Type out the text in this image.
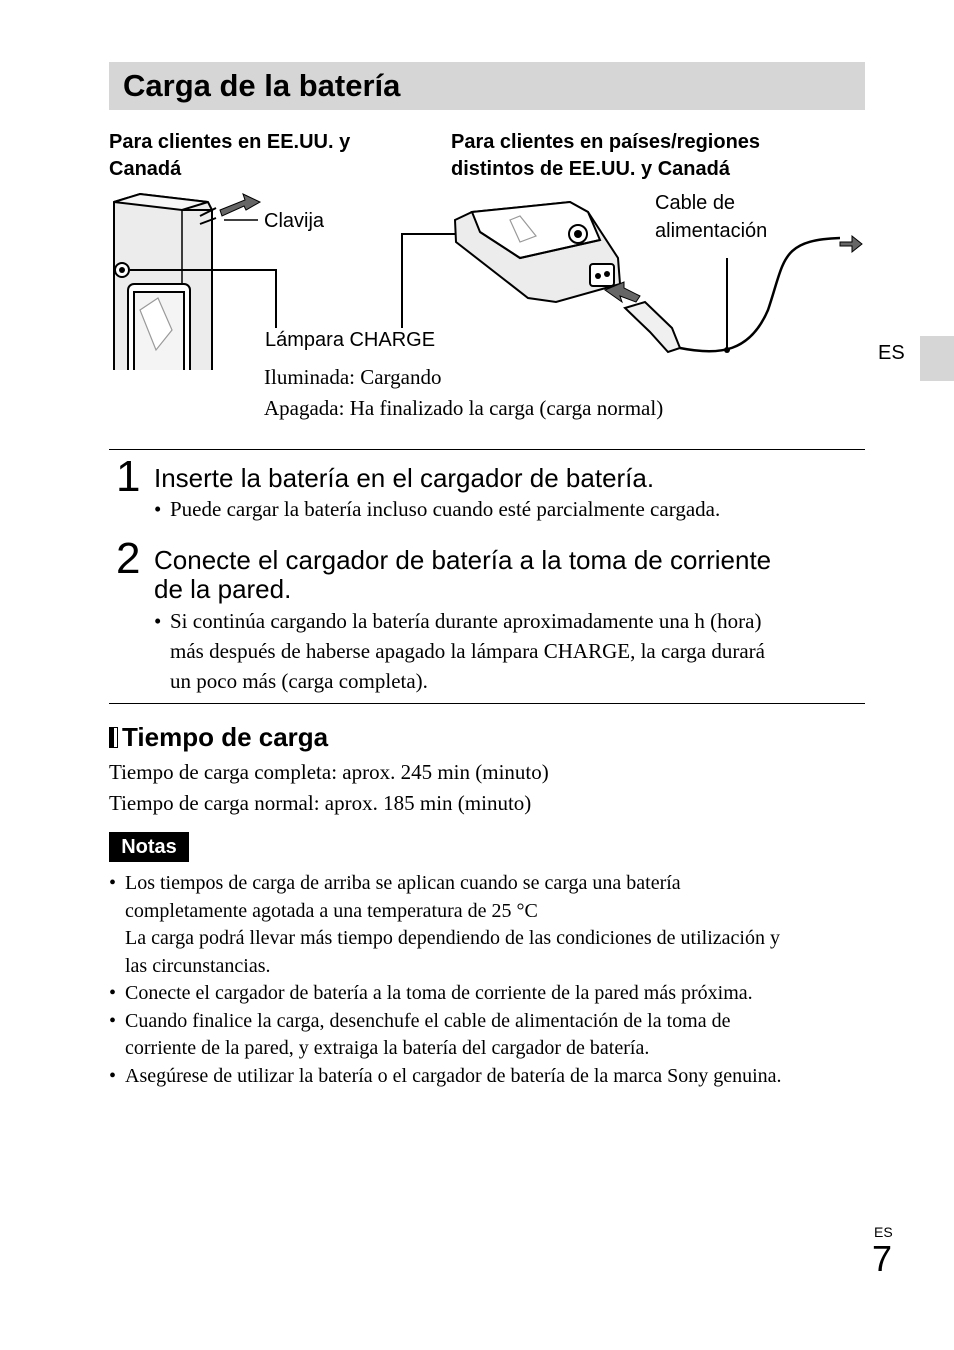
Carga de la batería
Para clientes en EE.UU. y
Canadá
Para clientes en países/regiones
distintos de EE.UU. y Canadá
Clavija
Cable de
alimentación
Lámpara CHARGE
Iluminada: Cargando
Apagada: Ha finalizado la carga (carga normal)
ES
1 Inserte la batería en el cargador de batería.
• Puede cargar la batería incluso cuando esté parcialmente cargada.
2 Conecte el cargador de batería a la toma de corriente
de la pared.
• Si continúa cargando la batería durante aproximadamente una h (hora)
más después de haberse apagado la lámpara CHARGE, la carga durará
un poco más (carga completa).
Tiempo de carga
Tiempo de carga completa: aprox. 245 min (minuto)
Tiempo de carga normal: aprox. 185 min (minuto)
Notas
• Los tiempos de carga de arriba se aplican cuando se carga una batería
completamente agotada a una temperatura de 25 °C
La carga podrá llevar más tiempo dependiendo de las condiciones de utilización y
las circunstancias.
• Conecte el cargador de batería a la toma de corriente de la pared más próxima.
• Cuando finalice la carga, desenchufe el cable de alimentación de la toma de
corriente de la pared, y extraiga la batería del cargador de batería.
• Asegúrese de utilizar la batería o el cargador de batería de la marca Sony genuina.
ES
7
